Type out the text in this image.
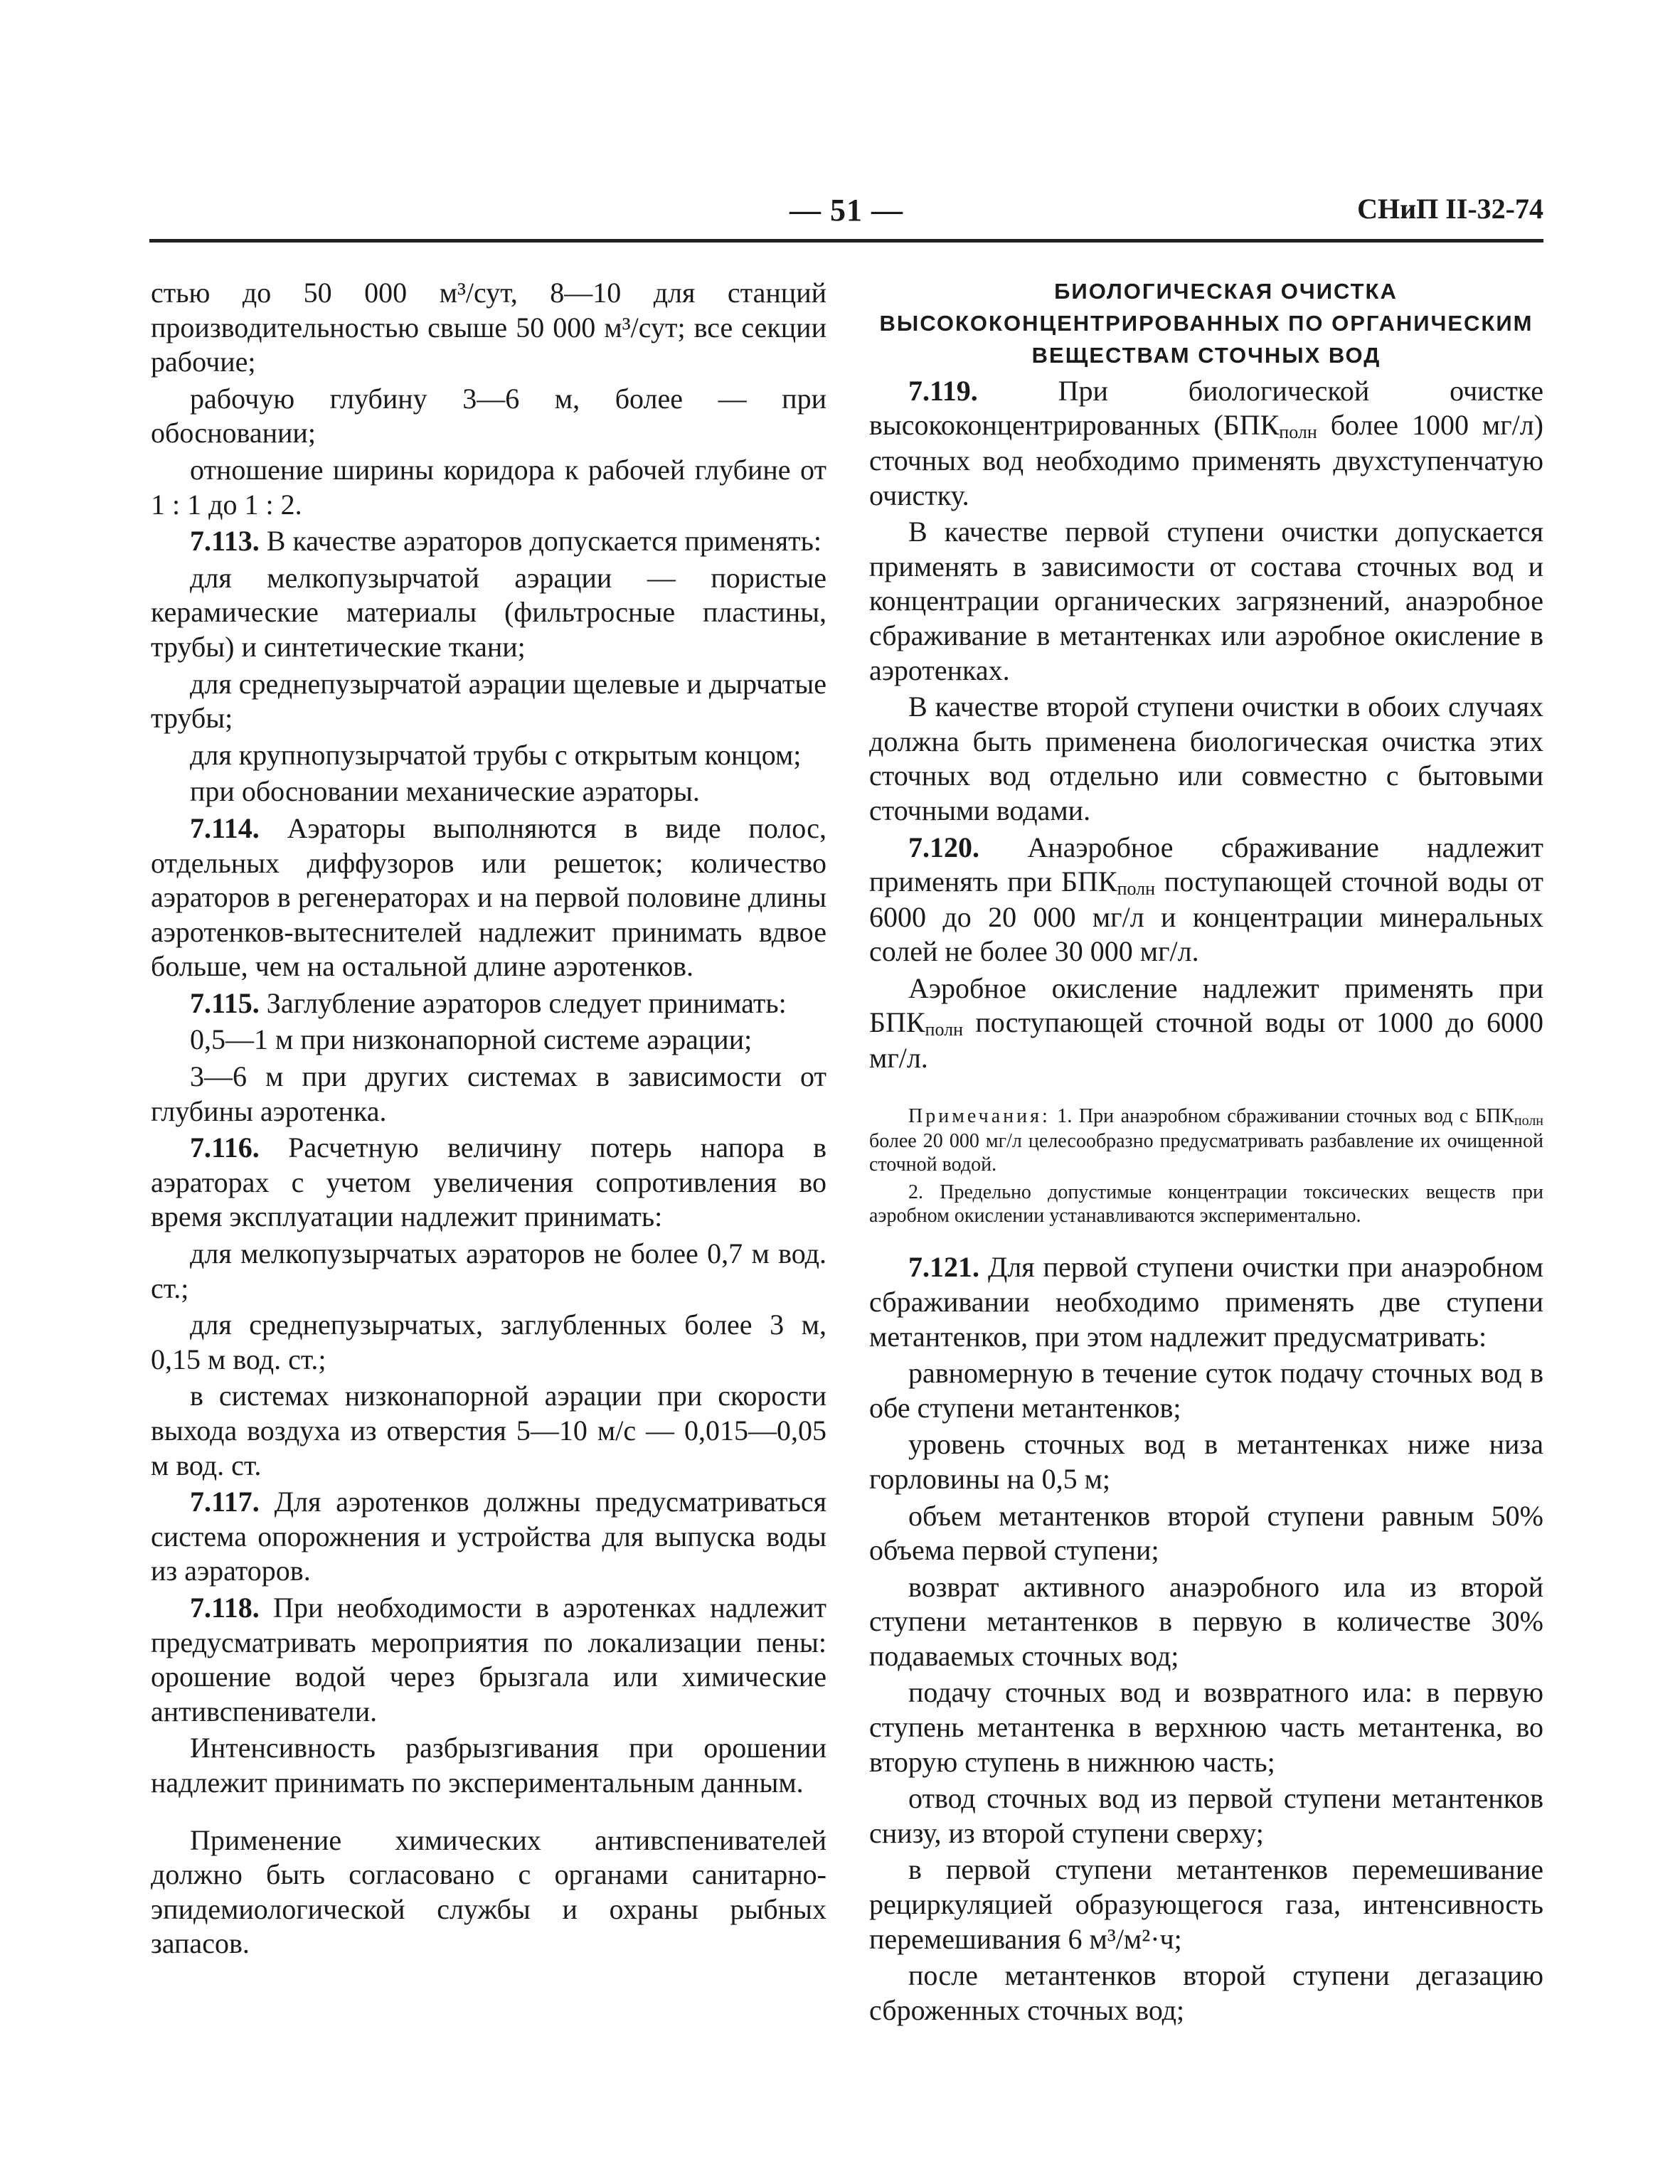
— 51 —	СНиП II-32-74

стью до 50 000 м³/сут, 8—10 для станций производительностью свыше 50 000 м³/сут; все секции рабочие;

рабочую глубину 3—6 м, более — при обосновании;

отношение ширины коридора к рабочей глубине от 1 : 1 до 1 : 2.

7.113. В качестве аэраторов допускается применять:

для мелкопузырчатой аэрации — пористые керамические материалы (фильтросные пластины, трубы) и синтетические ткани;

для среднепузырчатой аэрации щелевые и дырчатые трубы;

для крупнопузырчатой трубы с открытым концом;

при обосновании механические аэраторы.

7.114. Аэраторы выполняются в виде полос, отдельных диффузоров или решеток; количество аэраторов в регенераторах и на первой половине длины аэротенков-вытеснителей надлежит принимать вдвое больше, чем на остальной длине аэротенков.

7.115. Заглубление аэраторов следует принимать:

0,5—1 м при низконапорной системе аэрации;

3—6 м при других системах в зависимости от глубины аэротенка.

7.116. Расчетную величину потерь напора в аэраторах с учетом увеличения сопротивления во время эксплуатации надлежит принимать:

для мелкопузырчатых аэраторов не более 0,7 м вод. ст.;

для среднепузырчатых, заглубленных более 3 м, 0,15 м вод. ст.;

в системах низконапорной аэрации при скорости выхода воздуха из отверстия 5—10 м/с — 0,015—0,05 м вод. ст.

7.117. Для аэротенков должны предусматриваться система опорожнения и устройства для выпуска воды из аэраторов.

7.118. При необходимости в аэротенках надлежит предусматривать мероприятия по локализации пены: орошение водой через брызгала или химические антивспениватели.

Интенсивность разбрызгивания при орошении надлежит принимать по экспериментальным данным.

Применение химических антивспенивателей должно быть согласовано с органами санитарно-эпидемиологической службы и охраны рыбных запасов.

БИОЛОГИЧЕСКАЯ ОЧИСТКА ВЫСОКОКОНЦЕНТРИРОВАННЫХ ПО ОРГАНИЧЕСКИМ ВЕЩЕСТВАМ СТОЧНЫХ ВОД

7.119. При биологической очистке высококонцентрированных (БПКполн более 1000 мг/л) сточных вод необходимо применять двухступенчатую очистку.

В качестве первой ступени очистки допускается применять в зависимости от состава сточных вод и концентрации органических загрязнений, анаэробное сбраживание в метантенках или аэробное окисление в аэротенках.

В качестве второй ступени очистки в обоих случаях должна быть применена биологическая очистка этих сточных вод отдельно или совместно с бытовыми сточными водами.

7.120. Анаэробное сбраживание надлежит применять при БПКполн поступающей сточной воды от 6000 до 20 000 мг/л и концентрации минеральных солей не более 30 000 мг/л.

Аэробное окисление надлежит применять при БПКполн поступающей сточной воды от 1000 до 6000 мг/л.

Примечания: 1. При анаэробном сбраживании сточных вод с $БПК_{полн}$ более 20 000 мг/л целесообразно предусматривать разбавление их очищенной сточной водой.

2. Предельно допустимые концентрации токсических веществ при аэробном окислении устанавливаются экспериментально.

7.121. Для первой ступени очистки при анаэробном сбраживании необходимо применять две ступени метантенков, при этом надлежит предусматривать:

равномерную в течение суток подачу сточных вод в обе ступени метантенков;

уровень сточных вод в метантенках ниже низа горловины на 0,5 м;

объем метантенков второй ступени равным 50% объема первой ступени;

возврат активного анаэробного ила из второй ступени метантенков в первую в количестве 30% подаваемых сточных вод;

подачу сточных вод и возвратного ила: в первую ступень метантенка в верхнюю часть метантенка, во вторую ступень в нижнюю часть;

отвод сточных вод из первой ступени метантенков снизу, из второй ступени сверху;

в первой ступени метантенков перемешивание рециркуляцией образующегося газа, интенсивность перемешивания 6 м³/м²·ч;

после метантенков второй ступени дегазацию сброженных сточных вод;
